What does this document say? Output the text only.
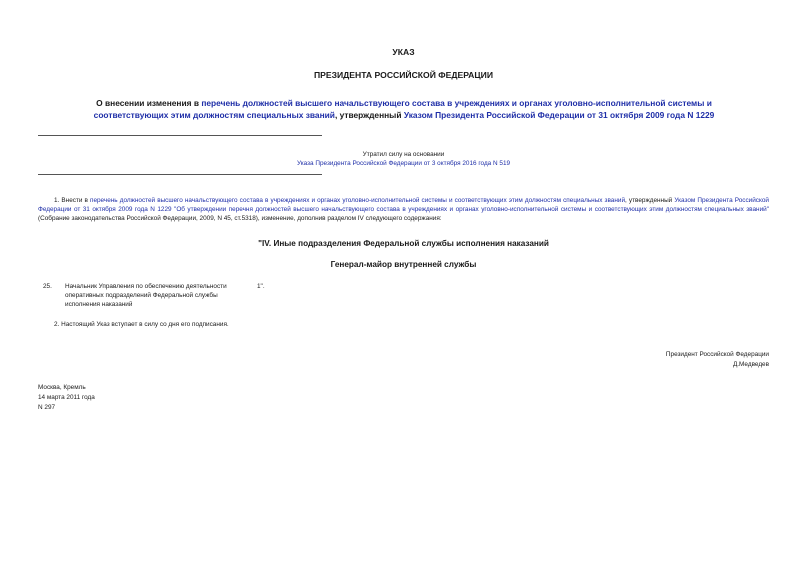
УКАЗ
ПРЕЗИДЕНТА РОССИЙСКОЙ ФЕДЕРАЦИИ
О внесении изменения в перечень должностей высшего начальствующего состава в учреждениях и органах уголовно-исполнительной системы и соответствующих этим должностям специальных званий, утвержденный Указом Президента Российской Федерации от 31 октября 2009 года N 1229
Утратил силу на основании
Указа Президента Российской Федерации от 3 октября 2016 года N 519
1. Внести в перечень должностей высшего начальствующего состава в учреждениях и органах уголовно-исполнительной системы и соответствующих этим должностям специальных званий, утвержденный Указом Президента Российской Федерации от 31 октября 2009 года N 1229 "Об утверждении перечня должностей высшего начальствующего состава в учреждениях и органах уголовно-исполнительной системы и соответствующих этим должностям специальных званий" (Собрание законодательства Российской Федерации, 2009, N 45, ст.5318), изменение, дополнив разделом IV следующего содержания:
"IV. Иные подразделения Федеральной службы исполнения наказаний
Генерал-майор внутренней службы
25. Начальник Управления по обеспечению деятельности оперативных подразделений Федеральной службы исполнения наказаний
1".
2. Настоящий Указ вступает в силу со дня его подписания.
Президент Российской Федерации
Д.Медведев
Москва, Кремль
14 марта 2011 года
N 297
